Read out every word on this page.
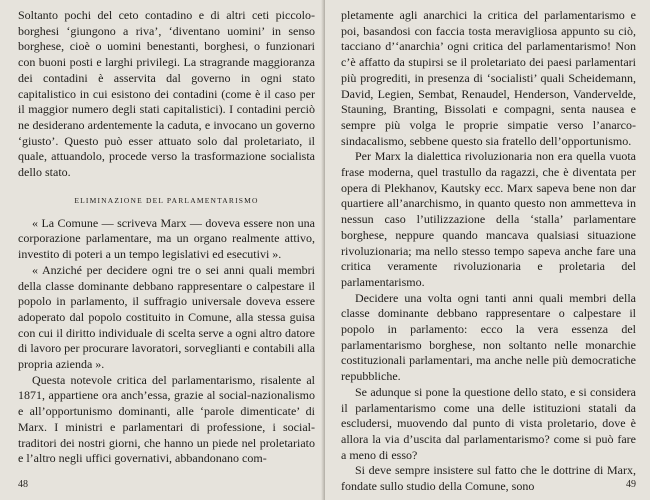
Soltanto pochi del ceto contadino e di altri ceti piccolo-borghesi ‘giungono a riva’, ‘diventano uomini’ in senso borghese, cioè o uomini benestanti, borghesi, o funzionari con buoni posti e larghi privilegi. La stragrande maggioranza dei contadini è asservita dal governo in ogni stato capitalistico in cui esistono dei contadini (come è il caso per il maggior numero degli stati capitalistici). I contadini perciò ne desiderano ardentemente la caduta, e invocano un governo ‘giusto’. Questo può esser attuato solo dal proletariato, il quale, attuandolo, procede verso la trasformazione socialista dello stato.

ELIMINAZIONE DEL PARLAMENTARISMO

« La Comune — scriveva Marx — doveva essere non una corporazione parlamentare, ma un organo realmente attivo, investito di poteri a un tempo legislativi ed esecutivi ».

« Anziché per decidere ogni tre o sei anni quali membri della classe dominante debbano rappresentare o calpestare il popolo in parlamento, il suffragio universale doveva essere adoperato dal popolo costituito in Comune, alla stessa guisa con cui il diritto individuale di scelta serve a ogni altro datore di lavoro per procurare lavoratori, sorveglianti e contabili alla propria azienda ».

Questa notevole critica del parlamentarismo, risalente al 1871, appartiene ora anch’essa, grazie al social-nazionalismo e all’opportunismo dominanti, alle ‘parole dimenticate’ di Marx. I ministri e parlamentari di professione, i social-traditori dei nostri giorni, che hanno un piede nel proletariato e l’altro negli uffici governativi, abbandonano com-

48

pletamente agli anarchici la critica del parlamentarismo e poi, basandosi con faccia tosta meravigliosa appunto su ciò, tacciano d’‘anarchia’ ogni critica del parlamentarismo! Non c’è affatto da stupirsi se il proletariato dei paesi parlamentari più progrediti, in presenza di ‘socialisti’ quali Scheidemann, David, Legien, Sembat, Renaudel, Henderson, Vandervelde, Stauning, Branting, Bissolati e compagni, senta nausea e sempre più volga le proprie simpatie verso l’anarco-sindacalismo, sebbene questo sia fratello dell’opportunismo.

Per Marx la dialettica rivoluzionaria non era quella vuota frase moderna, quel trastullo da ragazzi, che è diventata per opera di Plekhanov, Kautsky ecc. Marx sapeva bene non dar quartiere all’anarchismo, in quanto questo non ammetteva in nessun caso l’utilizzazione della ‘stalla’ parlamentare borghese, neppure quando mancava qualsiasi situazione rivoluzionaria; ma nello stesso tempo sapeva anche fare una critica veramente rivoluzionaria e proletaria del parlamentarismo.

Decidere una volta ogni tanti anni quali membri della classe dominante debbano rappresentare o calpestare il popolo in parlamento: ecco la vera essenza del parlamentarismo borghese, non soltanto nelle monarchie costituzionali parlamentari, ma anche nelle più democratiche repubbliche.

Se adunque si pone la questione dello stato, e si considera il parlamentarismo come una delle istituzioni statali da escludersi, muovendo dal punto di vista proletario, dove è allora la via d’uscita dal parlamentarismo? come si può fare a meno di esso?

Si deve sempre insistere sul fatto che le dottrine di Marx, fondate sullo studio della Comune, sono	49
